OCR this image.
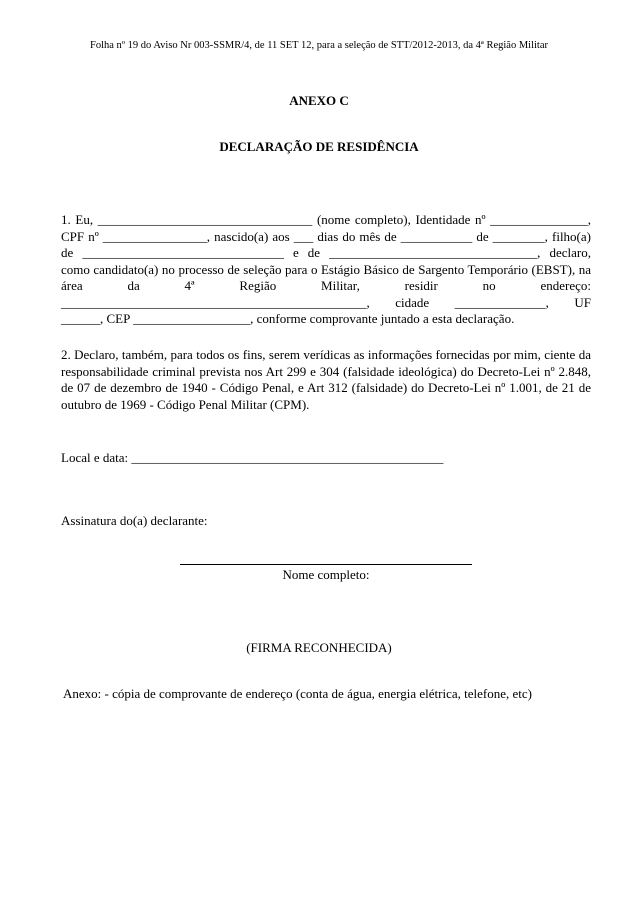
Folha nº 19 do Aviso Nr 003-SSMR/4, de 11 SET 12, para a seleção de STT/2012-2013, da 4ª Região Militar
ANEXO C
DECLARAÇÃO DE RESIDÊNCIA
1. Eu, _________________________________ (nome completo), Identidade nº _______________,
CPF nº ________________, nascido(a) aos ___ dias do mês de ___________ de ________, filho(a)
de _______________________________ e de ________________________________, declaro,
como candidato(a) no processo de seleção para o Estágio Básico de Sargento Temporário (EBST), na
área da 4ª Região Militar, residir no endereço:
_______________________________________________, cidade ______________, UF
______, CEP __________________, conforme comprovante juntado a esta declaração.
2. Declaro, também, para todos os fins, serem verídicas as informações fornecidas por mim, ciente da
responsabilidade criminal prevista nos Art 299 e 304 (falsidade ideológica) do Decreto-Lei nº 2.848,
de 07 de dezembro de 1940 - Código Penal, e Art 312 (falsidade) do Decreto-Lei nº 1.001, de 21 de
outubro de 1969 - Código Penal Militar (CPM).
Local e data: ________________________________________________
Assinatura do(a) declarante:
Nome completo:
(FIRMA RECONHECIDA)
Anexo: - cópia de comprovante de endereço (conta de água, energia elétrica, telefone, etc)
